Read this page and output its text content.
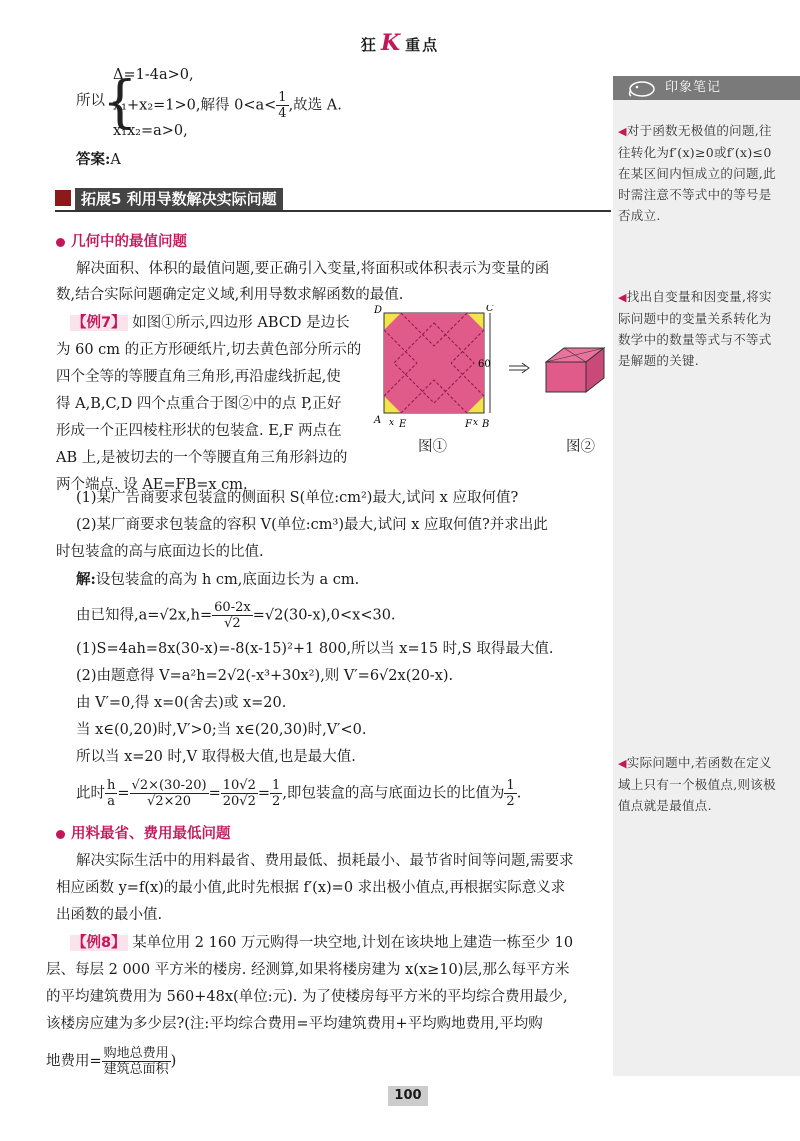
狂 K 重点
印象笔记
◀对于函数无极值的问题,往往转化为f′(x)≥0或f′(x)≤0在某区间内恒成立的问题,此时需注意不等式中的等号是否成立.
◀找出自变量和因变量,将实际问题中的变量关系转化为数学中的数量等式与不等式是解题的关键.
◀实际问题中,若函数在定义域上只有一个极值点,则该极值点就是最值点.
所以
{
Δ=1-4a>0,
x₁+x₂=1>0,解得 $0<a< \frac{1}{4}$ ,故选 A.
x₁x₂=a>0,
答案:A
拓展5 利用导数解决实际问题
几何中的最值问题
解决面积、体积的最值问题,要正确引入变量,将面积或体积表示为变量的函
数,结合实际问题确定定义域,利用导数求解函数的最值.
【例7】 如图①所示,四边形 ABCD 是边长
为 60 cm 的正方形硬纸片,切去黄色部分所示的
四个全等的等腰直角三角形,再沿虚线折起,使
得 A,B,C,D 四个点重合于图②中的点 P,正好
形成一个正四棱柱形状的包装盒. E,F 两点在
AB 上,是被切去的一个等腰直角三角形斜边的
两个端点. 设 AE=FB=x cm.
60
D	C
A	B
E	F
x	x
图①	图②
(1)某广告商要求包装盒的侧面积 S(单位:cm²)最大,试问 x 应取何值?
(2)某厂商要求包装盒的容积 V(单位:cm³)最大,试问 x 应取何值?并求出此
时包装盒的高与底面边长的比值.
解:设包装盒的高为 h cm,底面边长为 a cm.
由已知得$,a=√2x,h= \frac{60-2x}{√2} =√2(30-x),0<x<30$.
(1)S=4ah=8x(30-x)=-8(x-15)²+1 800,所以当 x=15 时,S 取得最大值.
(2)由题意得 V=a²h=2√2(-x³+30x²),则 V′=6√2x(20-x).
由 V′=0,得 x=0(舍去)或 x=20.
当 x∈(0,20)时,V′>0;当 x∈(20,30)时,V′<0.
所以当 x=20 时,V 取得极大值,也是最大值.
此时 $\frac{h}{a} = \frac{√2\times(30-20)}{√2\times 20} = \frac{10√2}{20√2} = \frac{1}{2}$ ,即包装盒的高与底面边长的比值为 $\frac{1}{2}$ .
用料最省、费用最低问题
解决实际生活中的用料最省、费用最低、损耗最小、最节省时间等问题,需要求
相应函数 y=f(x)的最小值,此时先根据 f′(x)=0 求出极小值点,再根据实际意义求
出函数的最小值.
【例8】 某单位用 2 160 万元购得一块空地,计划在该块地上建造一栋至少 10
层、每层 2 000 平方米的楼房. 经测算,如果将楼房建为 x(x≥10)层,那么每平方米
的平均建筑费用为 560+48x(单位:元). 为了使楼房每平方米的平均综合费用最少,
该楼房应建为多少层?(注:平均综合费用=平均建筑费用+平均购地费用,平均购
地费用= $\frac{\text{购地总费用}}{\text{建筑总面积}}$ )
100
